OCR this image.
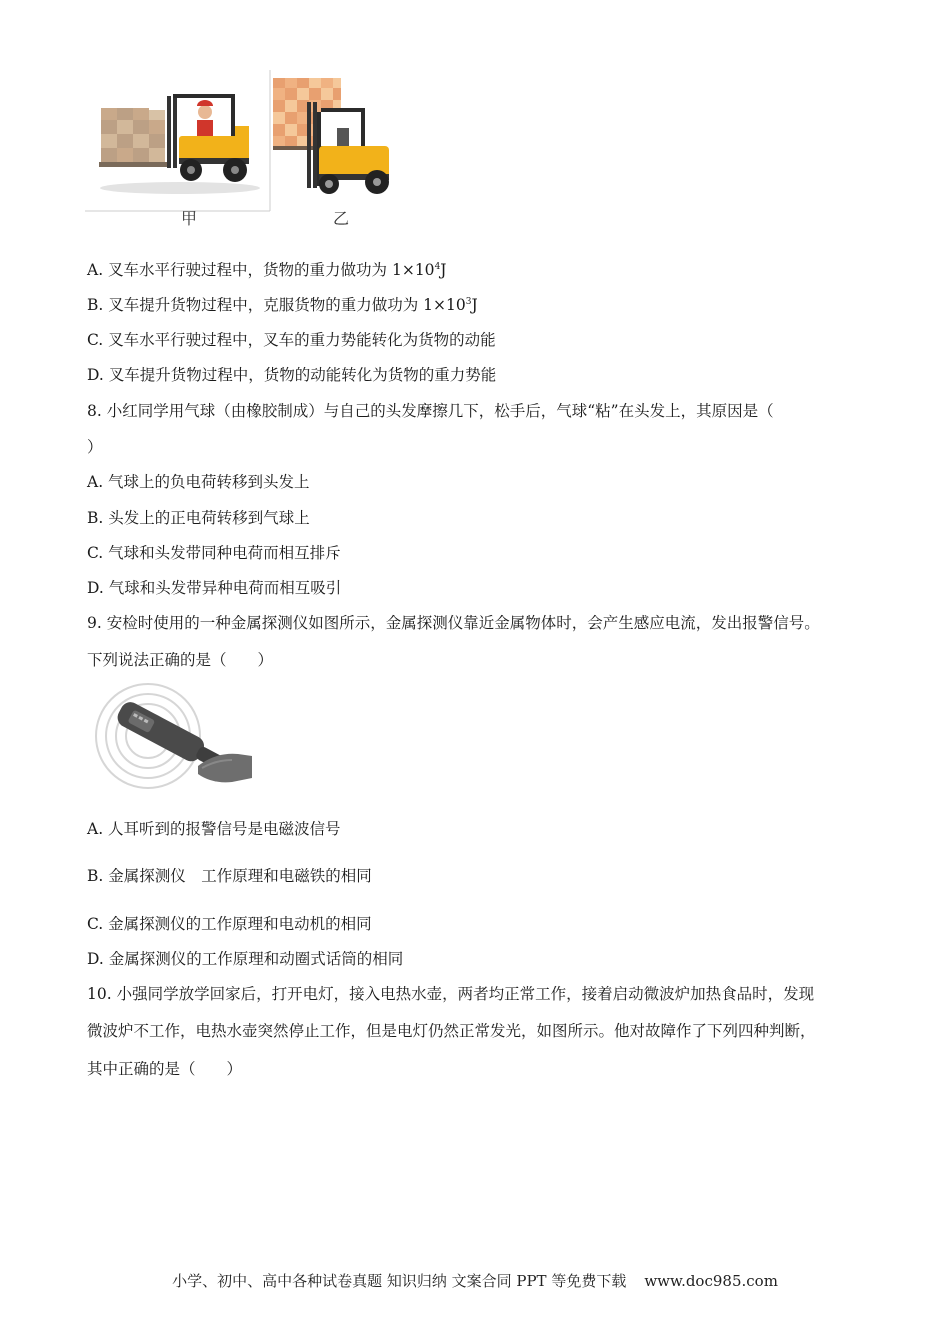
甲	乙
A. 叉车水平行驶过程中，货物的重力做功为 $1\times 10^4J$
B. 叉车提升货物过程中，克服货物的重力做功为 $1\times 10^3J$
C. 叉车水平行驶过程中，叉车的重力势能转化为货物的动能
D. 叉车提升货物过程中，货物的动能转化为货物的重力势能
8. 小红同学用气球（由橡胶制成）与自己的头发摩擦几下，松手后，气球“粘”在头发上，其原因是（
）
A. 气球上的负电荷转移到头发上
B. 头发上的正电荷转移到气球上
C. 气球和头发带同种电荷而相互排斥
D. 气球和头发带异种电荷而相互吸引
9. 安检时使用的一种金属探测仪如图所示，金属探测仪靠近金属物体时，会产生感应电流，发出报警信号。
下列说法正确的是（　　）
A. 人耳听到的报警信号是电磁波信号
B. 金属探测仪　工作原理和电磁铁的相同
C. 金属探测仪的工作原理和电动机的相同
D. 金属探测仪的工作原理和动圈式话筒的相同
10. 小强同学放学回家后，打开电灯，接入电热水壶，两者均正常工作，接着启动微波炉加热食品时，发现
微波炉不工作，电热水壶突然停止工作，但是电灯仍然正常发光，如图所示。他对故障作了下列四种判断，
其中正确的是（　　）
小学、初中、高中各种试卷真题 知识归纳 文案合同 PPT 等免费下载 www.doc985.com
